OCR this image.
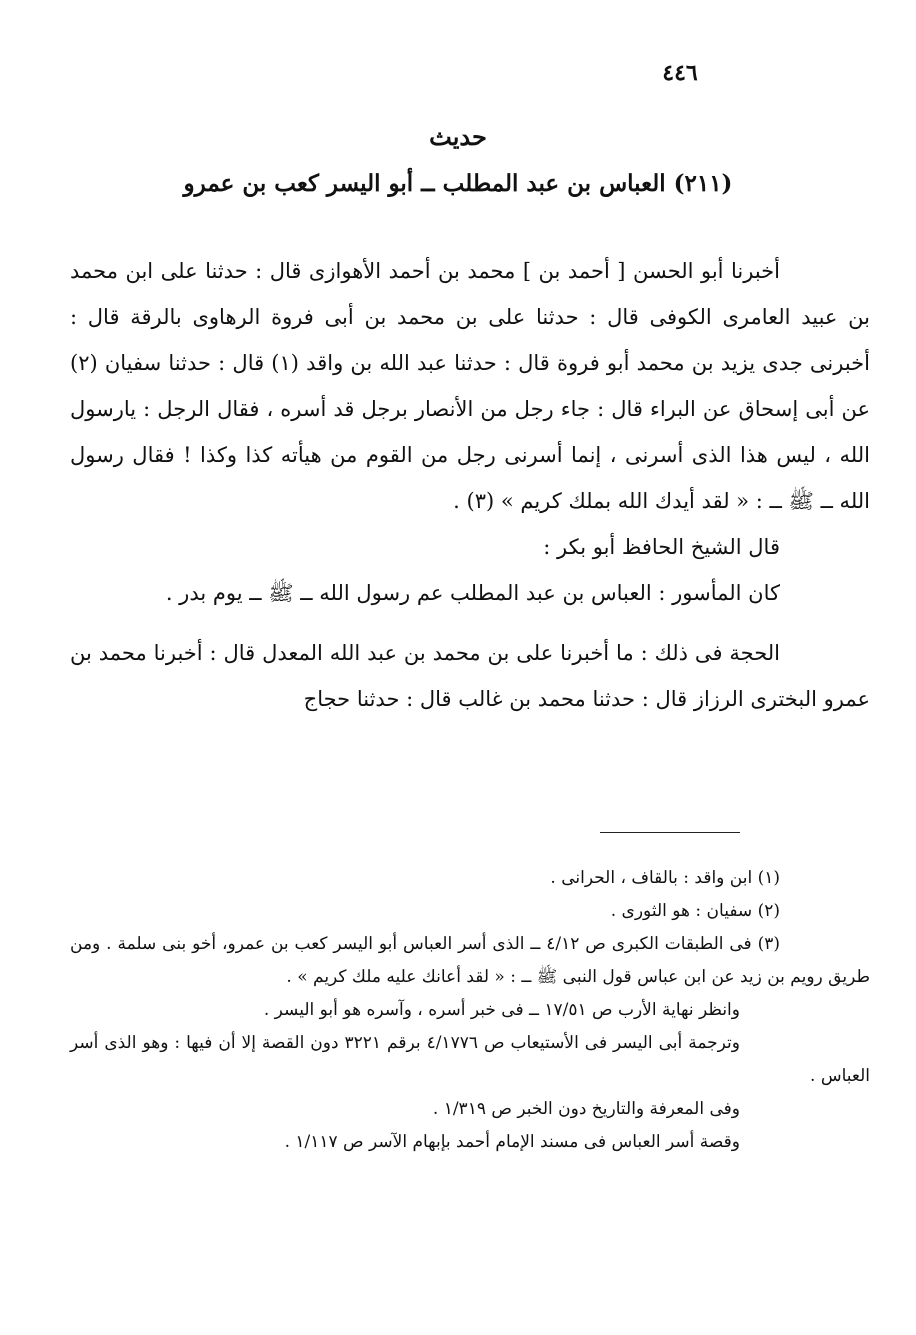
٤٤٦
حديث
(٢١١) العباس بن عبد المطلب ــ أبو اليسر كعب بن عمرو

أخبرنا أبو الحسن [ أحمد بن ] محمد بن أحمد الأهوازى قال : حدثنا على ابن محمد بن عبيد العامرى الكوفى قال : حدثنا على بن محمد بن أبى فروة الرهاوى بالرقة قال : أخبرنى جدى يزيد بن محمد أبو فروة قال : حدثنا عبد الله بن واقد (١) قال : حدثنا سفيان (٢) عن أبى إسحاق عن البراء قال : جاء رجل من الأنصار برجل قد أسره ، فقال الرجل : يارسول الله ، ليس هذا الذى أسرنى ، إنما أسرنى رجل من القوم من هيأته كذا وكذا ! فقال رسول الله ــ ﷺ ــ : « لقد أيدك الله بملك كريم » (٣) .

قال الشيخ الحافظ أبو بكر :

كان المأسور : العباس بن عبد المطلب عم رسول الله ــ ﷺ ــ يوم بدر .

الحجة فى ذلك : ما أخبرنا على بن محمد بن عبد الله المعدل قال : أخبرنا محمد بن عمرو البخترى الرزاز قال : حدثنا محمد بن غالب قال : حدثنا حجاج

(١) ابن واقد : بالقاف ، الحرانى .

(٢) سفيان : هو الثورى .

(٣) فى الطبقات الكبرى ص ٤/١٢ ــ الذى أسر العباس أبو اليسر كعب بن عمرو، أخو بنى سلمة . ومن طريق رويم بن زيد عن ابن عباس قول النبى ﷺ ــ : « لقد أعانك عليه ملك كريم » .

وانظر نهاية الأرب ص ١٧/٥١ ــ فى خبر أسره ، وآسره هو أبو اليسر .

وترجمة أبى اليسر فى الأستيعاب ص ٤/١٧٧٦ برقم ٣٢٢١ دون القصة إلا أن فيها : وهو الذى أسر العباس .

وفى المعرفة والتاريخ دون الخبر ص ١/٣١٩ .

وقصة أسر العباس فى مسند الإمام أحمد بإبهام الآسر ص ١/١١٧ .
